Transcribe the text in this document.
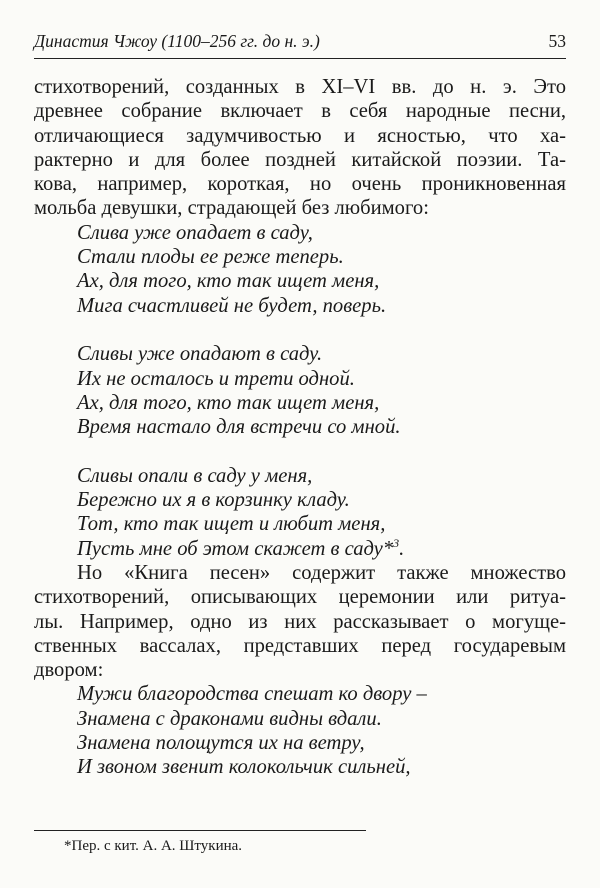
Династия Чжоу (1100–256 гг. до н. э.)	53
стихотворений, созданных в XI–VI вв. до н. э. Это
древнее собрание включает в себя народные песни,
отличающиеся задумчивостью и ясностью, что ха-
рактерно и для более поздней китайской поэзии. Та-
кова, например, короткая, но очень проникновенная
мольба девушки, страдающей без любимого:
Слива уже опадает в саду,
Стали плоды ее реже теперь.
Ах, для того, кто так ищет меня,
Мига счастливей не будет, поверь.
Сливы уже опадают в саду.
Их не осталось и трети одной.
Ах, для того, кто так ищет меня,
Время настало для встречи со мной.
Сливы опали в саду у меня,
Бережно их я в корзинку кладу.
Тот, кто так ищет и любит меня,
Пусть мне об этом скажет в саду*$^3$.
Но «Книга песен» содержит также множество
стихотворений, описывающих церемонии или ритуа-
лы. Например, одно из них рассказывает о могуще-
ственных вассалах, представших перед государевым
двором:
Мужи благородства спешат ко двору –
Знамена с драконами видны вдали.
Знамена полощутся их на ветру,
И звоном звенит колокольчик сильней,
*Пер. с кит. А. А. Штукина.
